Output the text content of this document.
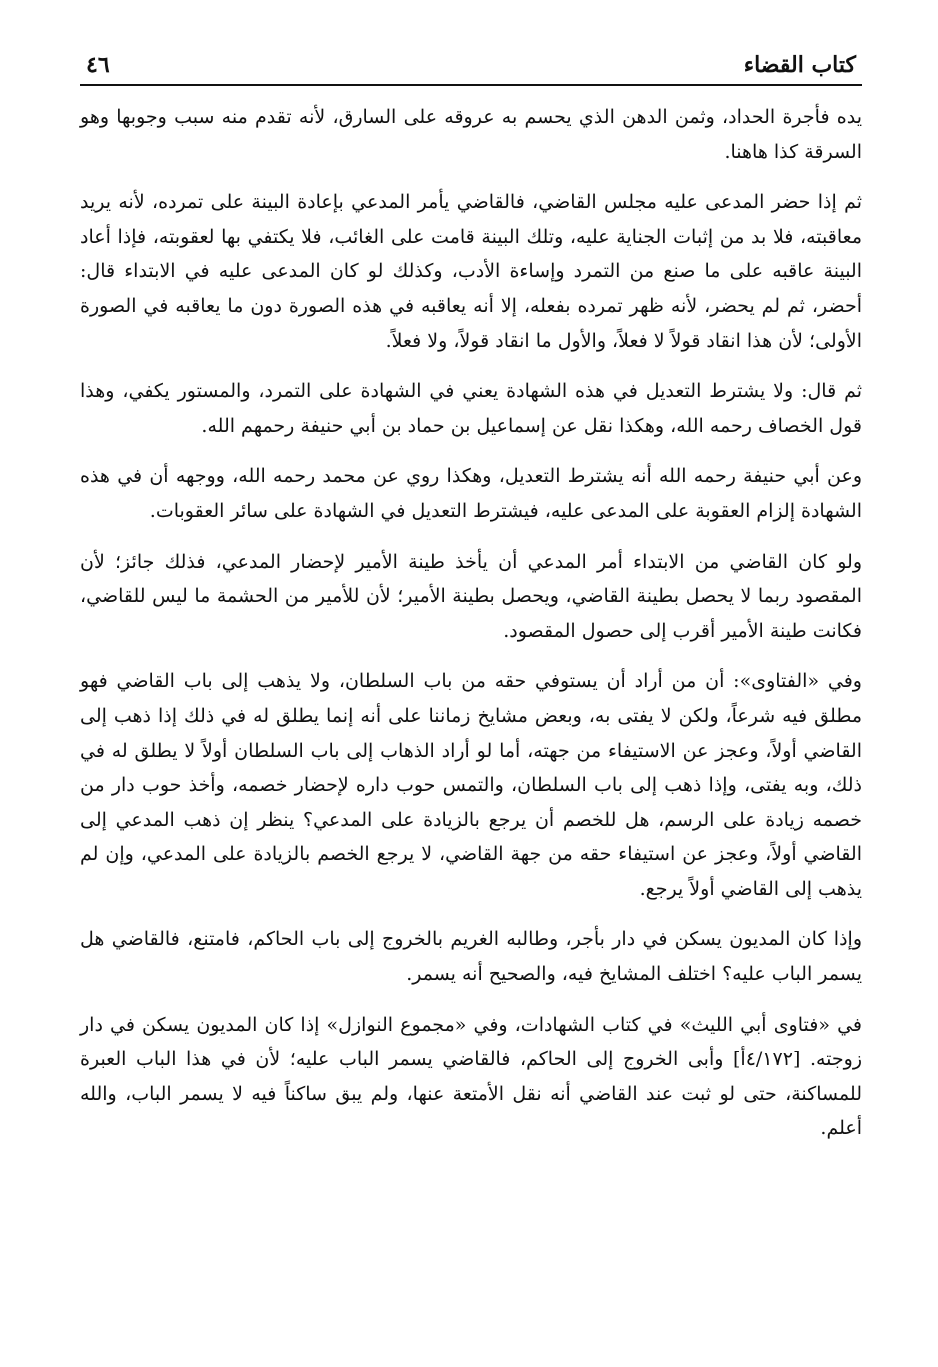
كتاب القضاء
٤٦

يده فأجرة الحداد، وثمن الدهن الذي يحسم به عروقه على السارق، لأنه تقدم منه سبب وجوبها وهو السرقة كذا هاهنا.

ثم إذا حضر المدعى عليه مجلس القاضي، فالقاضي يأمر المدعي بإعادة البينة على تمرده، لأنه يريد معاقبته، فلا بد من إثبات الجناية عليه، وتلك البينة قامت على الغائب، فلا يكتفي بها لعقوبته، فإذا أعاد البينة عاقبه على ما صنع من التمرد وإساءة الأدب، وكذلك لو كان المدعى عليه في الابتداء قال: أحضر، ثم لم يحضر، لأنه ظهر تمرده بفعله، إلا أنه يعاقبه في هذه الصورة دون ما يعاقبه في الصورة الأولى؛ لأن هذا انقاد قولاً لا فعلاً، والأول ما انقاد قولاً، ولا فعلاً.

ثم قال: ولا يشترط التعديل في هذه الشهادة يعني في الشهادة على التمرد، والمستور يكفي، وهذا قول الخصاف رحمه الله، وهكذا نقل عن إسماعيل بن حماد بن أبي حنيفة رحمهم الله.

وعن أبي حنيفة رحمه الله أنه يشترط التعديل، وهكذا روي عن محمد رحمه الله، ووجهه أن في هذه الشهادة إلزام العقوبة على المدعى عليه، فيشترط التعديل في الشهادة على سائر العقوبات.

ولو كان القاضي من الابتداء أمر المدعي أن يأخذ طينة الأمير لإحضار المدعي، فذلك جائز؛ لأن المقصود ربما لا يحصل بطينة القاضي، ويحصل بطينة الأمير؛ لأن للأمير من الحشمة ما ليس للقاضي، فكانت طينة الأمير أقرب إلى حصول المقصود.

وفي «الفتاوى»: أن من أراد أن يستوفي حقه من باب السلطان، ولا يذهب إلى باب القاضي فهو مطلق فيه شرعاً، ولكن لا يفتى به، وبعض مشايخ زماننا على أنه إنما يطلق له في ذلك إذا ذهب إلى القاضي أولاً، وعجز عن الاستيفاء من جهته، أما لو أراد الذهاب إلى باب السلطان أولاً لا يطلق له في ذلك، وبه يفتى، وإذا ذهب إلى باب السلطان، والتمس حوب داره لإحضار خصمه، وأخذ حوب دار من خصمه زيادة على الرسم، هل للخصم أن يرجع بالزيادة على المدعي؟ ينظر إن ذهب المدعي إلى القاضي أولاً، وعجز عن استيفاء حقه من جهة القاضي، لا يرجع الخصم بالزيادة على المدعي، وإن لم يذهب إلى القاضي أولاً يرجع.

وإذا كان المديون يسكن في دار بأجر، وطالبه الغريم بالخروج إلى باب الحاكم، فامتنع، فالقاضي هل يسمر الباب عليه؟ اختلف المشايخ فيه، والصحيح أنه يسمر.

في «فتاوى أبي الليث» في كتاب الشهادات، وفي «مجموع النوازل» إذا كان المديون يسكن في دار زوجته. [٤/١٧٢أ] وأبى الخروج إلى الحاكم، فالقاضي يسمر الباب عليه؛ لأن في هذا الباب العبرة للمساكنة، حتى لو ثبت عند القاضي أنه نقل الأمتعة عنها، ولم يبق ساكناً فيه لا يسمر الباب، والله أعلم.
